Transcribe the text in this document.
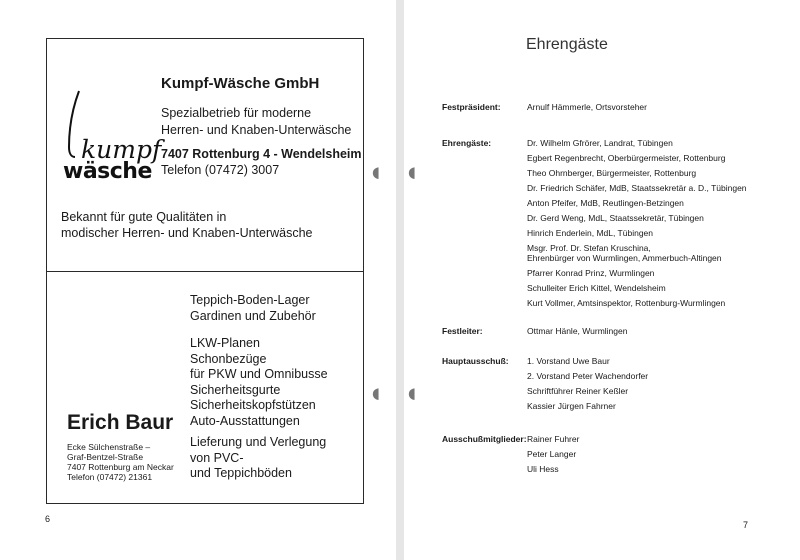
◖ ◖
◖ ◖
kumpf
wäsche
Kumpf-Wäsche GmbH
Spezialbetrieb für moderne
Herren- und Knaben-Unterwäsche
7407 Rottenburg 4 - Wendelsheim
Telefon (07472) 3007
Bekannt für gute Qualitäten in
modischer Herren- und Knaben-Unterwäsche
Teppich-Boden-Lager
Gardinen und Zubehör
LKW-Planen
Schonbezüge
für PKW und Omnibusse
Sicherheitsgurte
Sicherheitskopfstützen
Auto-Ausstattungen
Lieferung und Verlegung
von PVC-
und Teppichböden
Erich Baur
Ecke Sülchenstraße –
Graf-Bentzel-Straße
7407 Rottenburg am Neckar
Telefon (07472) 21361
6
Ehrengäste
Festpräsident:	Arnulf Hämmerle, Ortsvorsteher
Ehrengäste:	Dr. Wilhelm Gfrörer, Landrat, Tübingen
Egbert Regenbrecht, Oberbürgermeister, Rottenburg
Theo Ohrnberger, Bürgermeister, Rottenburg
Dr. Friedrich Schäfer, MdB, Staatssekretär a. D., Tübingen
Anton Pfeifer, MdB, Reutlingen-Betzingen
Dr. Gerd Weng, MdL, Staatssekretär, Tübingen
Hinrich Enderlein, MdL, Tübingen
Msgr. Prof. Dr. Stefan Kruschina,
Ehrenbürger von Wurmlingen, Ammerbuch-Altingen
Pfarrer Konrad Prinz, Wurmlingen
Schulleiter Erich Kittel, Wendelsheim
Kurt Vollmer, Amtsinspektor, Rottenburg-Wurmlingen
Festleiter:	Ottmar Hänle, Wurmlingen
Hauptausschuß: 1. Vorstand Uwe Baur
2. Vorstand Peter Wachendorfer
Schriftführer Reiner Keßler
Kassier Jürgen Fahrner
Ausschußmitglieder: Rainer Fuhrer
Peter Langer
Uli Hess
7
